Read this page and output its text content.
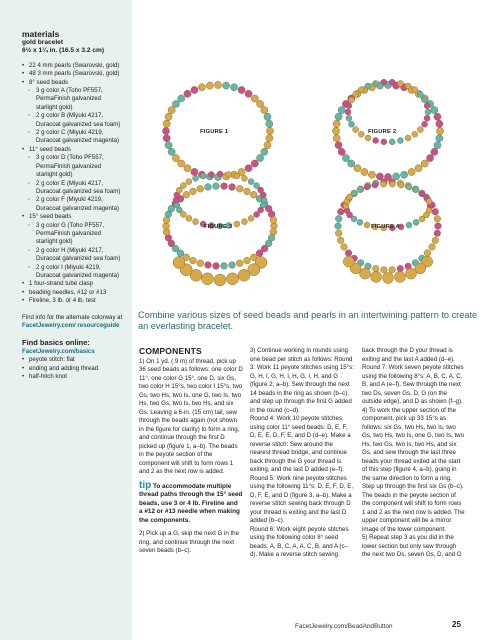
materials
gold bracelet
6½ x 1¼ in. (16.5 x 3.2 cm)
• 22 4 mm pearls (Swarovski, gold)
• 48 3 mm pearls (Swarovski, gold)
• 8° seed beads
◦ 3 g color A (Toho PF557, PermaFinish galvanized starlight gold)
◦ 2 g color B (Miyuki 4217, Duracoat galvanized sea foam)
◦ 2 g color C (Miyuki 4219, Duracoat galvanized magenta)
• 11° seed beads
◦ 3 g color D (Toho PF557, PermaFinish galvanized starlight gold)
◦ 2 g color E (Miyuki 4217, Duracoat galvanized sea foam)
◦ 2 g color F (Miyuki 4219, Duracoat galvanized magenta)
• 15° seed beads
◦ 3 g color G (Toho PF557, PermaFinish galvanized starlight gold)
◦ 2 g color H (Miyuki 4217, Duracoat galvanized sea foam)
◦ 2 g color I (Miyuki 4219, Duracoat galvanized magenta)
• 1 four-strand tube clasp
• beading needles, #12 or #13
• Fireline, 3 lb. or 4 lb. test
Find info for the alternate colorway at FacetJewelry.com/ resourceguide
Find basics online:
FacetJewelry.com/basics
• peyote stitch: flat
• ending and adding thread
• half-hitch knot
FIGURE 1	FIGURE 2
FIGURE 3	FIGURE 4
Combine various sizes of seed beads and pearls in an intertwining pattern to create an everlasting bracelet.
COMPONENTS

1) On 1 yd. (.9 m) of thread, pick up 36 seed beads as follows: one color D 11°, one color G 15°, one D, six Gs, two color H 15°s, two color I 15°s, two Gs, two Hs, two Is, one G, two Is, two Hs, two Gs, two Is, two Hs, and six Gs. Leaving a 6-in. (15 cm) tail, sew through the beads again (not shown in the figure for clarity) to form a ring, and continue through the first D picked up (figure 1, a–b). The beads in the peyote section of the component will shift to form rows 1 and 2 as the next row is added.

tip To accommodate multiple thread paths through the 15° seed beads, use 3 or 4 lb. Fireline and a #12 or #13 needle when making the components.

2) Pick up a G, skip the next G in the ring, and continue through the next seven beads (b–c).

3) Continue working in rounds using one bead per stitch as follows: Round 3: Work 11 peyote stitches using 15°s: G, H, I, G, H, I, H, G, I, H, and G (figure 2, a–b). Sew through the next 14 beads in the ring as shown (b–c), and step up through the first G added in the round (c–d).

Round 4: Work 10 peyote stitches using color 11° seed beads: D, E, F, D, E, E, D, F, E, and D (d–e). Make a reverse stitch: Sew around the nearest thread bridge, and continue back through the G your thread is exiting, and the last D added (e–f).

Round 5: Work nine peyote stitches using the following 11°s: D, E, F, D, E, D, F, E, and D (figure 3, a–b). Make a reverse stitch sewing back through D your thread is exiting and the last D added (b–c).

Round 6: Work eight peyote stitches using the following color 8° seed beads: A, B, C, A, A, C, B, and A (c–d). Make a reverse stitch sewing

back through the D your thread is exiting and the last A added (d–e).

Round 7: Work seven peyote stitches using the following 8°s: A, B, C, A, C, B, and A (e–f). Sew through the next two Ds, seven Gs, D, G (on the outside edge), and D as shown (f–g).

4) To work the upper section of the component, pick up 33 15°s as follows: six Gs, two Hs, two Is, two Gs, two Hs, two Is, one G, two Is, two Hs, two Gs, two Is, two Hs, and six Gs, and sew through the last three beads your thread exited at the start of this step (figure 4, a–b), going in the same direction to form a ring. Step up through the first six Gs (b–c). The beads in the peyote section of the component will shift to form rows 1 and 2 as the next row is added. The upper component will be a mirror image of the lower component.

5) Repeat step 3 as you did in the lower section but only sew through the next two Ds, seven Gs, D, and G

FacetJewelry.com/BeadAndButton	25
